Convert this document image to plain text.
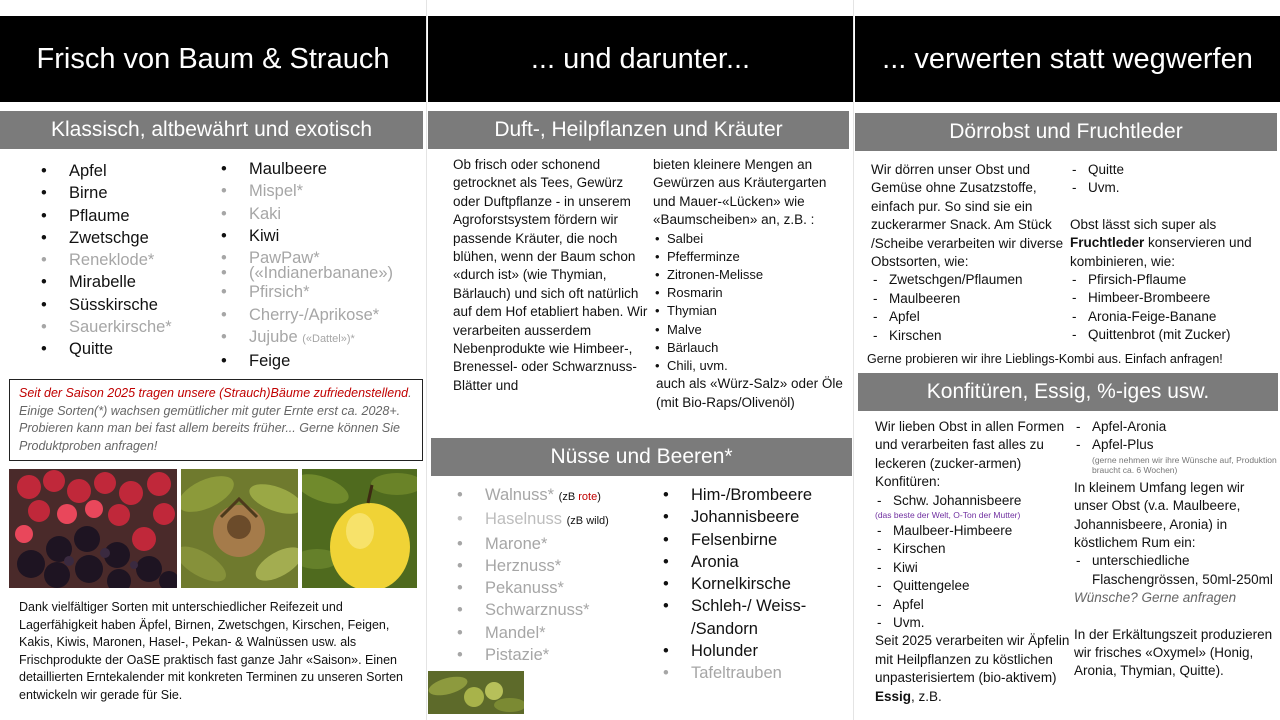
Frisch von Baum & Strauch
Klassisch, altbewährt und exotisch
• Apfel
• Birne
• Pflaume
• Zwetschge
• Reneklode*
• Mirabelle
• Süsskirsche
• Sauerkirsche*
• Quitte
• Maulbeere
• Mispel*
• Kaki
• Kiwi
• PawPaw*
• («Indianerbanane»)
• Pfirsich*
• Cherry-/Aprikose*
• Jujube («Dattel»)*
• Feige
Seit der Saison 2025 tragen unsere (Strauch)Bäume zufriedenstellend. Einige Sorten(*) wachsen gemütlicher mit guter Ernte erst ca. 2028+. Probieren kann man bei fast allem bereits früher... Gerne können Sie Produktproben anfragen!
Dank vielfältiger Sorten mit unterschiedlicher Reifezeit und Lagerfähigkeit haben Äpfel, Birnen, Zwetschgen, Kirschen, Feigen, Kakis, Kiwis, Maronen, Hasel-, Pekan- & Walnüssen usw. als Frischprodukte der OaSE praktisch fast ganze Jahr «Saison». Einen detaillierten Erntekalender mit konkreten Terminen zu unseren Sorten entwickeln wir gerade für Sie.
... und darunter...
Duft-, Heilpflanzen und Kräuter
Ob frisch oder schonend getrocknet als Tees, Gewürz oder Duftpflanze - in unserem Agroforstsystem fördern wir passende Kräuter, die noch blühen, wenn der Baum schon «durch ist» (wie Thymian, Bärlauch) und sich oft natürlich auf dem Hof etabliert haben. Wir verarbeiten ausserdem Nebenprodukte wie Himbeer-, Brenessel- oder Schwarznuss-Blätter und
bieten kleinere Mengen an Gewürzen aus Kräutergarten und Mauer-«Lücken» wie «Baumscheiben» an, z.B. :
• Salbei
• Pfefferminze
• Zitronen-Melisse
• Rosmarin
• Thymian
• Malve
• Bärlauch
• Chili, uvm.
auch als «Würz-Salz» oder Öle (mit Bio-Raps/Olivenöl)
Nüsse und Beeren*
• Walnuss* (zB rote)
• Haselnuss (zB wild)
• Marone*
• Herznuss*
• Pekanuss*
• Schwarznuss*
• Mandel*
• Pistazie*
• Him-/Brombeere
• Johannisbeere
• Felsenbirne
• Aronia
• Kornelkirsche
• Schleh-/ Weiss-
/Sandorn
• Holunder
• Tafeltrauben
... verwerten statt wegwerfen
Dörrobst und Fruchtleder
Wir dörren unser Obst und Gemüse ohne Zusatzstoffe, einfach pur. So sind sie ein zuckerarmer Snack. Am Stück /Scheibe verarbeiten wir diverse Obstsorten, wie:
- Zwetschgen/Pflaumen
- Maulbeeren
- Apfel
- Kirschen
- Quitte
- Uvm.
Obst lässt sich super als Fruchtleder konservieren und kombinieren, wie:
- Pfirsich-Pflaume
- Himbeer-Brombeere
- Aronia-Feige-Banane
- Quittenbrot (mit Zucker)
Gerne probieren wir ihre Lieblings-Kombi aus. Einfach anfragen!
Konfitüren, Essig, %-iges usw.
Wir lieben Obst in allen Formen und verarbeiten fast alles zu leckeren (zucker-armen) Konfitüren:
- Schw. Johannisbeere
(das beste der Welt, O-Ton der Mutter)
- Maulbeer-Himbeere
- Kirschen
- Kiwi
- Quittengelee
- Apfel
- Uvm.
Seit 2025 verarbeiten wir Äpfelin mit Heilpflanzen zu köstlichen unpasterisiertem (bio-aktivem) Essig, z.B.
- Apfel-Aronia
- Apfel-Plus
(gerne nehmen wir ihre Wünsche auf, Produktion braucht ca. 6 Wochen)
In kleinem Umfang legen wir unser Obst (v.a. Maulbeere, Johannisbeere, Aronia) in köstlichem Rum ein:
- unterschiedliche Flaschengrössen, 50ml-250ml
Wünsche? Gerne anfragen
In der Erkältungszeit produzieren wir frisches «Oxymel» (Honig, Aronia, Thymian, Quitte).
